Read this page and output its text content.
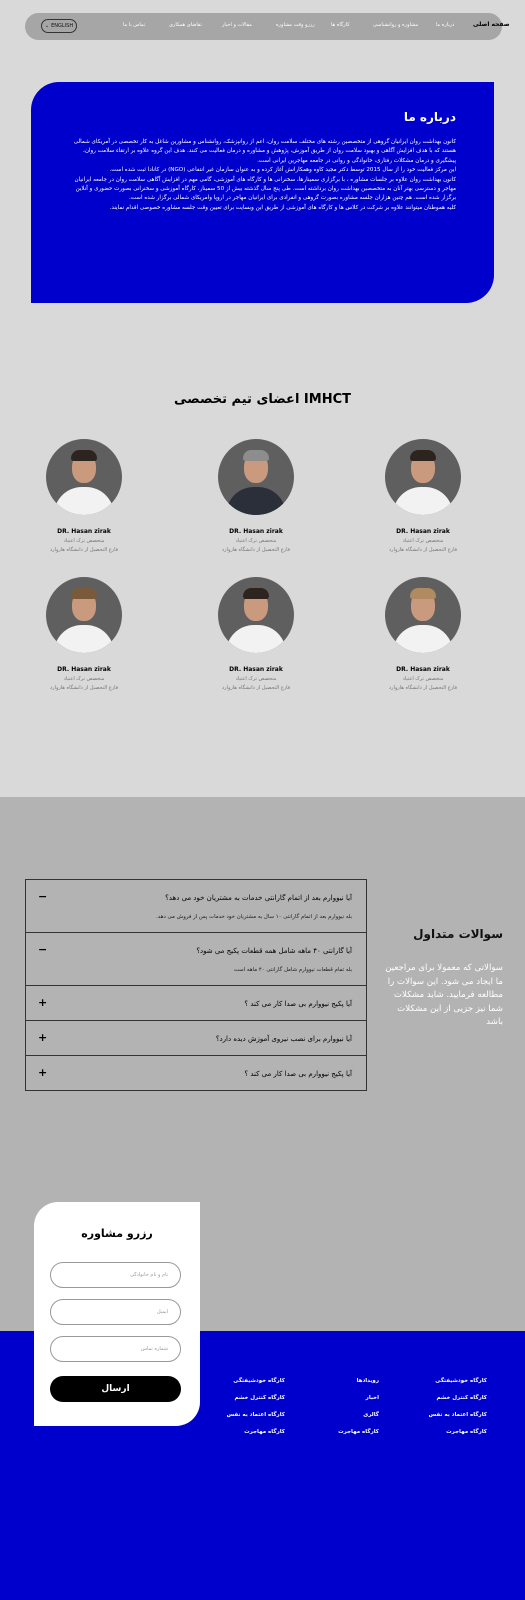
⌄ ENGLISH	تماس با ما	تقاضای همکاری	مقالات و اخبار	رزرو وقت مشاوره	کارگاه ها	مشاوره و روانشناسی	درباره ما	صفحه اصلی
درباره ما

کانون بهداشت روان ایرانیان گروهی از متخصصین رشته های مختلف سلامت روان، اعم از روانپزشک، روانشناس و مشاورین شاغل به کار تخصصی در آمریکای شمالی هستند که با هدف افزایش آگاهی و بهبود سلامت روان از طریق آموزش، پژوهش و مشاوره و درمان فعالیت می کنند. هدف این گروه علاوه بر ارتقاء سلامت روان، پیشگیری و درمان مشکلات رفتاری، خانوادگی و روانی در جامعه مهاجرین ایرانی است.

این مرکز فعالیت خود را از سال 2015 توسط دکتر مجید کاوه وهمکارانش آغاز کرده و به عنوان سازمان غیر انتفاعی (NGO) در کانادا ثبت شده است.

کانون بهداشت روان علاوه بر جلسات مشاوره ، با برگزاری سمینارها، سخنرانی ها و کارگاه های آموزشی، گامی مهم در افزایش آگاهی سلامت روان در جامعه ایرانیان مهاجر و دسترسی بهتر آنان به متخصصین بهداشت روان برداشته است. طی پنج سال گذشته بیش از 50 سمینار، کارگاه آموزشی و سخنرانی بصورت حضوری و آنلاین برگزار شده است. هم چنین هزاران جلسه مشاوره بصورت گروهی و انفرادی برای ایرانیان مهاجر در اروپا وامریکای شمالی برگزار شده است.

کلیه هموطنان میتوانند علاوه بر شرکت در کلاس ها و کارگاه های آموزشی از طریق این وبسایت برای تعیین وقت جلسه مشاوره خصوصی اقدام نمایند.

اعضای تیم تخصصی IMHCT
DR. Hasan zirak
متخصص ترک اعتیاد
فارغ التحصیل از دانشگاه هاروارد
DR. Hasan zirak
متخصص ترک اعتیاد
فارغ التحصیل از دانشگاه هاروارد
DR. Hasan zirak
متخصص ترک اعتیاد
فارغ التحصیل از دانشگاه هاروارد
DR. Hasan zirak
متخصص ترک اعتیاد
فارغ التحصیل از دانشگاه هاروارد
DR. Hasan zirak
متخصص ترک اعتیاد
فارغ التحصیل از دانشگاه هاروارد
DR. Hasan zirak
متخصص ترک اعتیاد
فارغ التحصیل از دانشگاه هاروارد
−	آیا نیووارم بعد از اتمام گارانتی خدمات به مشتریان خود می دهد؟
بله نیووارم بعد از اتمام گارانتی ۱۰ سال به مشتریان خود خدمات پس از فروش می دهد.
−	آیا گارانتی ۴۰ ماهه شامل همه قطعات پکیج می شود؟
بله تمام قطعات نیووارم شامل گارانتی ۴۰ ماهه است
+	آیا پکیج نیووارم بی صدا کار می کند ؟
+	آیا نیووارم برای نصب نیروی آموزش دیده دارد؟
+	آیا پکیج نیووارم بی صدا کار می کند ؟
سوالات متداول
سوالاتی که معمولا برای مراجعین ما ایجاد می شود. این سوالات را مطالعه فرمایید. شاید مشکلات شما نیز جزیی از این مشکلات باشد
کارگاه خودشیفتگی
کارگاه کنترل خشم
کارگاه اعتماد به نفس
کارگاه مهاجرت
رویدادها
اخبار
گالری
کارگاه مهاجرت
کارگاه خودشیفتگی
کارگاه کنترل خشم
کارگاه اعتماد به نفس
کارگاه مهاجرت
رزرو مشاوره
نام و نام خانوادگی
ایمیل
شماره تماس
ارسال
